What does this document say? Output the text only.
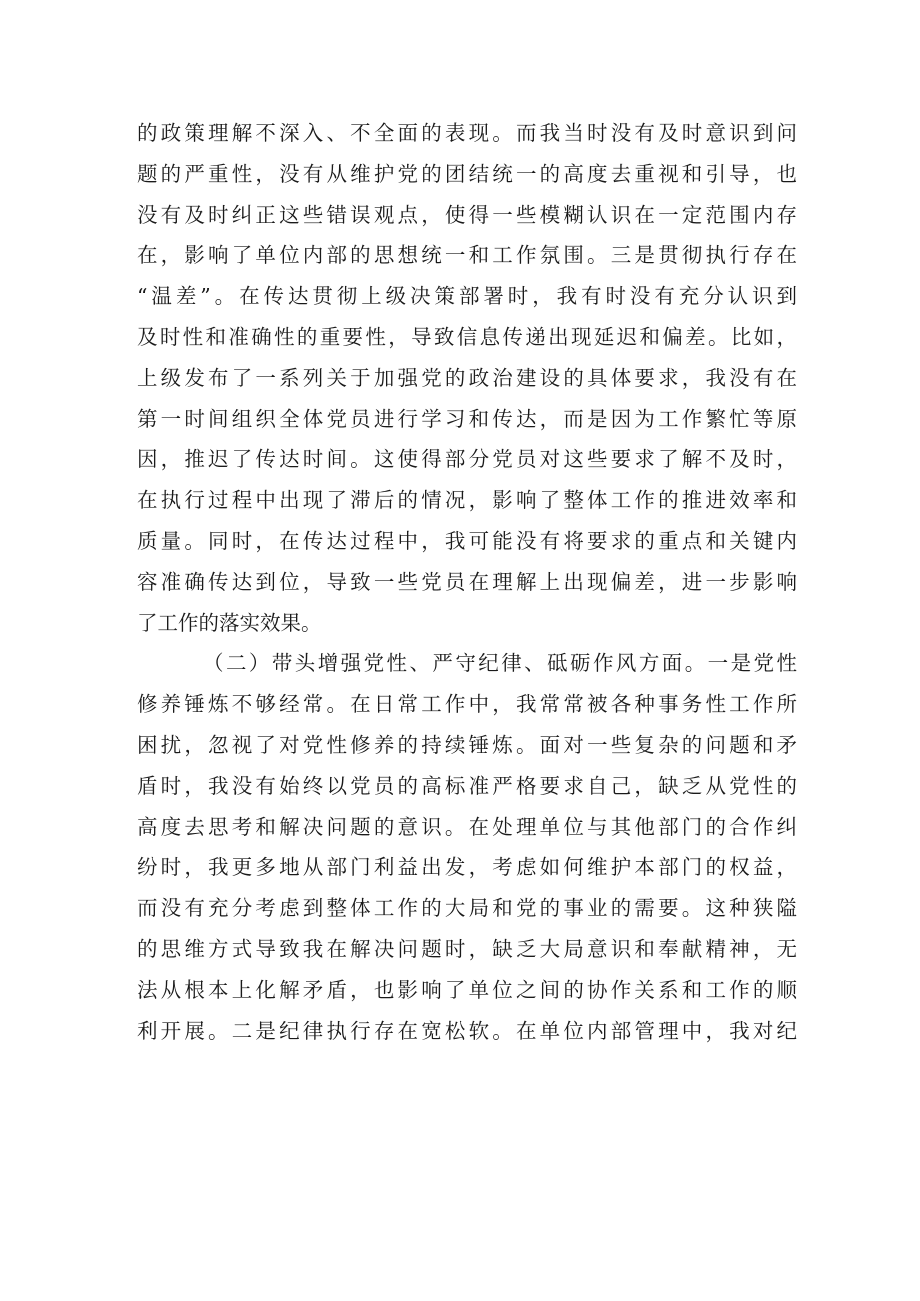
的政策理解不深入、不全面的表现。而我当时没有及时意识到问
题的严重性，没有从维护党的团结统一的高度去重视和引导，也
没有及时纠正这些错误观点，使得一些模糊认识在一定范围内存
在，影响了单位内部的思想统一和工作氛围。三是贯彻执行存在
“温差”。在传达贯彻上级决策部署时，我有时没有充分认识到
及时性和准确性的重要性，导致信息传递出现延迟和偏差。比如，
上级发布了一系列关于加强党的政治建设的具体要求，我没有在
第一时间组织全体党员进行学习和传达，而是因为工作繁忙等原
因，推迟了传达时间。这使得部分党员对这些要求了解不及时，
在执行过程中出现了滞后的情况，影响了整体工作的推进效率和
质量。同时，在传达过程中，我可能没有将要求的重点和关键内
容准确传达到位，导致一些党员在理解上出现偏差，进一步影响
了工作的落实效果。
（二）带头增强党性、严守纪律、砥砺作风方面。一是党性
修养锤炼不够经常。在日常工作中，我常常被各种事务性工作所
困扰，忽视了对党性修养的持续锤炼。面对一些复杂的问题和矛
盾时，我没有始终以党员的高标准严格要求自己，缺乏从党性的
高度去思考和解决问题的意识。在处理单位与其他部门的合作纠
纷时，我更多地从部门利益出发，考虑如何维护本部门的权益，
而没有充分考虑到整体工作的大局和党的事业的需要。这种狭隘
的思维方式导致我在解决问题时，缺乏大局意识和奉献精神，无
法从根本上化解矛盾，也影响了单位之间的协作关系和工作的顺
利开展。二是纪律执行存在宽松软。在单位内部管理中，我对纪
